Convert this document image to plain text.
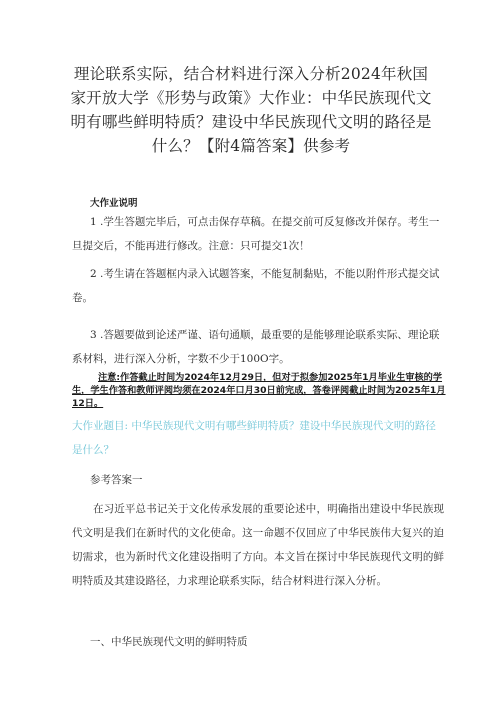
理论联系实际，结合材料进行深入分析2024年秋国家开放大学《形势与政策》大作业：中华民族现代文明有哪些鲜明特质？建设中华民族现代文明的路径是什么？【附4篇答案】供参考
大作业说明
1 .学生答题完毕后，可点击保存草稿。在提交前可反复修改并保存。考生一旦提交后，不能再进行修改。注意：只可提交1次！
2 .考生请在答题框内录入试题答案，不能复制黏贴，不能以附件形式提交试卷。
3 .答题要做到论述严谨、语句通顺，最重要的是能够理论联系实际、理论联系材料，进行深入分析，字数不少于100O字。
注意:作答截止时间为2024年12月29日，但对于拟参加2025年1月毕业生审核的学生，学生作答和教师评阅均须在2024年口月30日前完成，答卷评阅截止时间为2025年1月12日。
大作业题目: 中华民族现代文明有哪些鲜明特质？建设中华民族现代文明的路径是什么？
参考答案一
在习近平总书记关于文化传承发展的重要论述中，明确指出建设中华民族现代文明是我们在新时代的文化使命。这一命题不仅回应了中华民族伟大复兴的迫切需求，也为新时代文化建设指明了方向。本文旨在探讨中华民族现代文明的鲜明特质及其建设路径，力求理论联系实际，结合材料进行深入分析。
一、中华民族现代文明的鲜明特质
